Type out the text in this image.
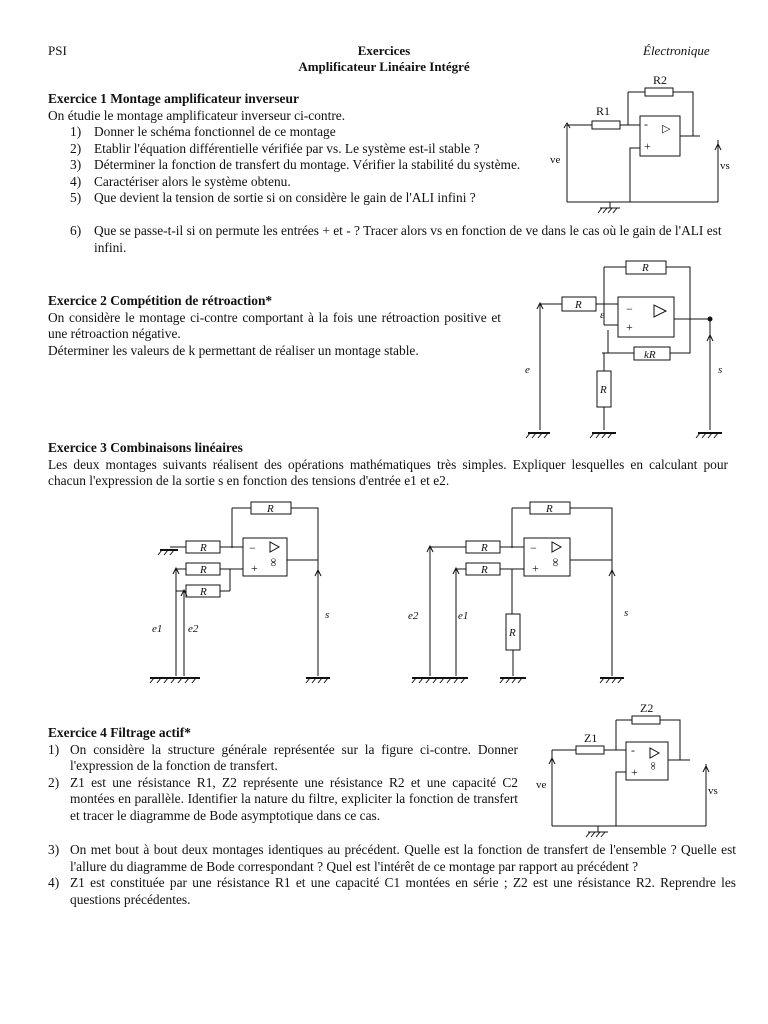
PSI	Exercices
Amplificateur Linéaire Intégré
Électronique
Exercice 1 Montage amplificateur inverseur
On étudie le montage amplificateur inverseur ci-contre.
1) Donner le schéma fonctionnel de ce montage
2) Etablir l'équation différentielle vérifiée par vs. Le système est-il stable ?
3) Déterminer la fonction de transfert du montage. Vérifier la stabilité du système.
4) Caractériser alors le système obtenu.
5) Que devient la tension de sortie si on considère le gain de l'ALI infini ?
6) Que se passe-t-il si on permute les entrées + et - ? Tracer alors vs en fonction de ve dans le cas où le gain de l'ALI est infini.
R2
R1
-
+
▷
ve	vs
Exercice 2 Compétition de rétroaction*
On considère le montage ci-contre comportant à la fois une rétroaction positive et une rétroaction négative.
Déterminer les valeurs de k permettant de réaliser un montage stable.
R
R	−
+
kR
R
ε
e	s
Exercice 3 Combinaisons linéaires
Les deux montages suivants réalisent des opérations mathématiques très simples. Expliquer lesquelles en calculant pour chacun l'expression de la sortie s en fonction des tensions d'entrée e1 et e2.
R
R	−
+ ∞
R
R
e1 e2
s
R
R	−
+ ∞
R
R
e2	e1	s
Exercice 4 Filtrage actif*
1) On considère la structure générale représentée sur la figure ci-contre. Donner l'expression de la fonction de transfert.
2) Z1 est une résistance R1, Z2 représente une résistance R2 et une capacité C2 montées en parallèle. Identifier la nature du filtre, expliciter la fonction de transfert et tracer le diagramme de Bode asymptotique dans ce cas.
3) On met bout à bout deux montages identiques au précédent. Quelle est la fonction de transfert de l'ensemble ? Quelle est l'allure du diagramme de Bode correspondant ? Quel est l'intérêt de ce montage par rapport au précédent ?
4) Z1 est constituée par une résistance R1 et une capacité C1 montées en série ; Z2 est une résistance R2. Reprendre les questions précédentes.
Z2
Z1
-
+ ∞
ve	vs
